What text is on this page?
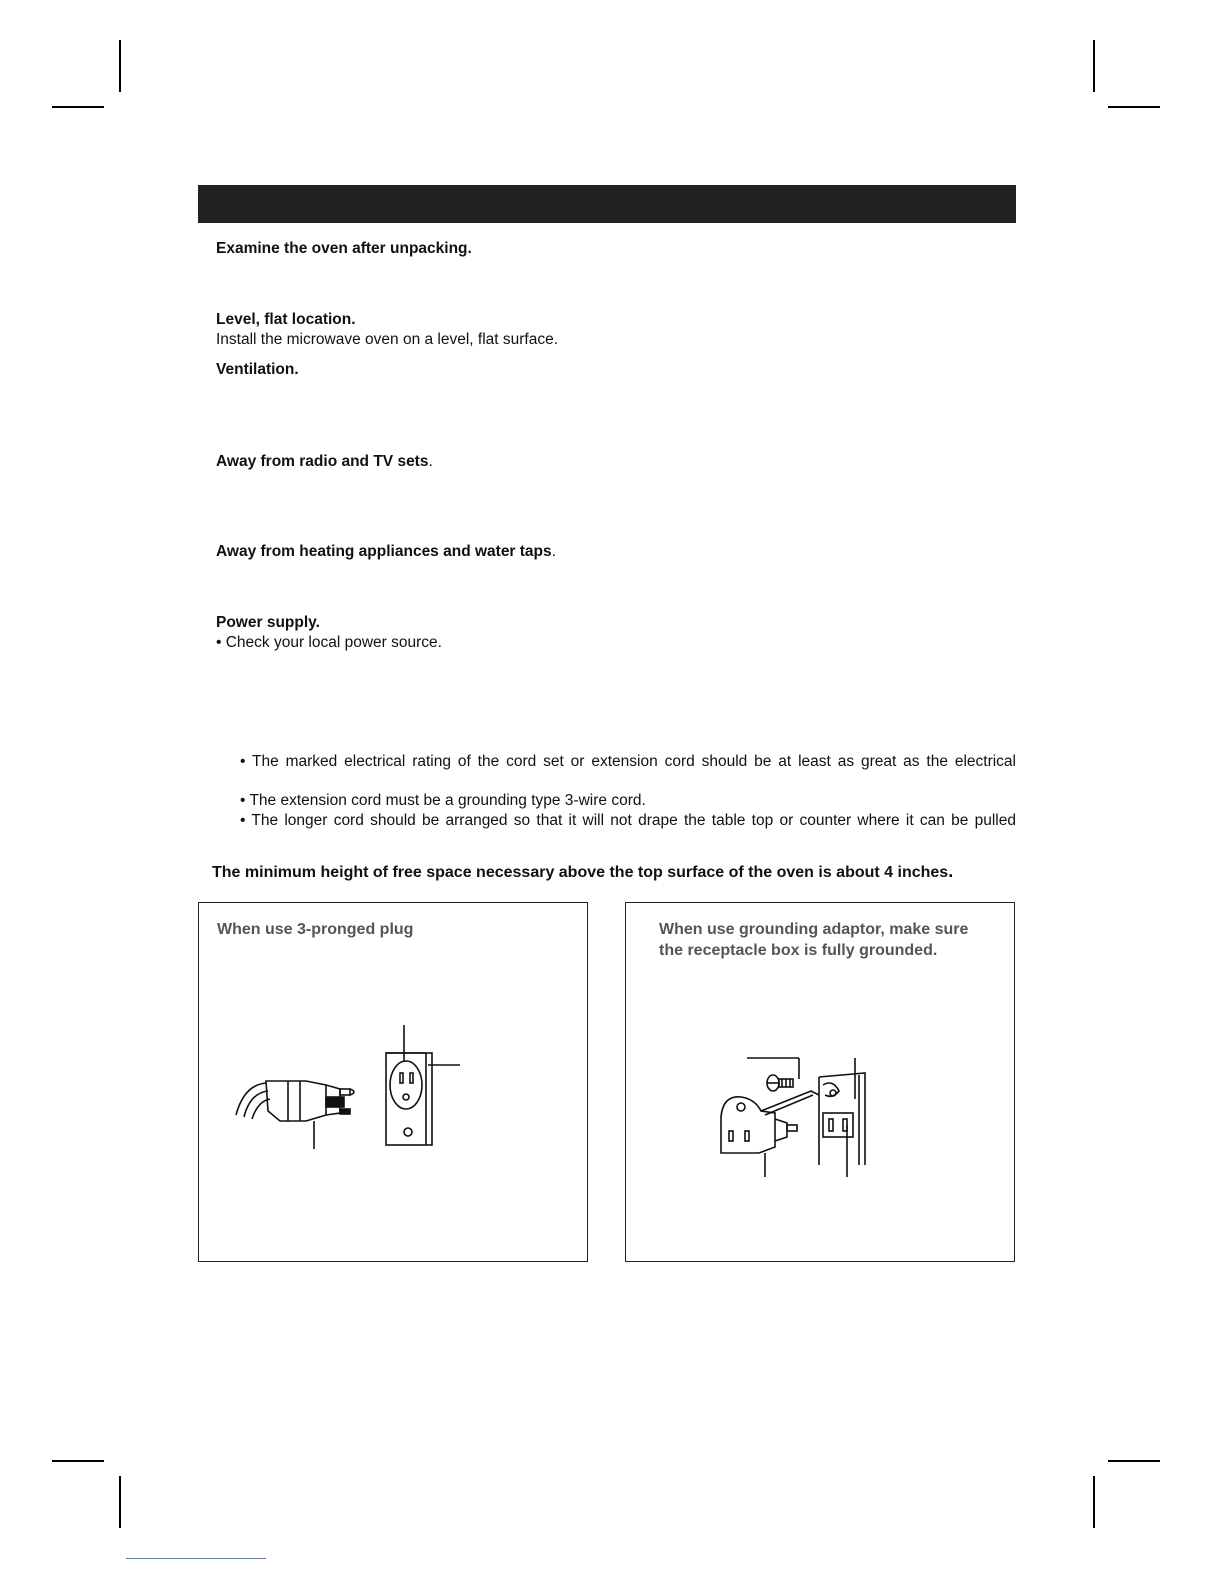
Examine the oven after unpacking.
Level, flat location.
Install the microwave oven on a level, flat surface.
Ventilation.
Away from radio and TV sets.
Away from heating appliances and water taps.
Power supply.
• Check your local power source.
• The marked electrical rating of the cord set or extension cord should be at least as great as the electrical
• The extension cord must be a grounding type 3-wire cord.
• The longer cord should be arranged so that it will not drape the table top or counter where it can be pulled
The minimum height of free space necessary above the top surface of the oven is about 4 inches.
When use 3-pronged plug	When use grounding adaptor, make sure
the receptacle box is fully grounded.
